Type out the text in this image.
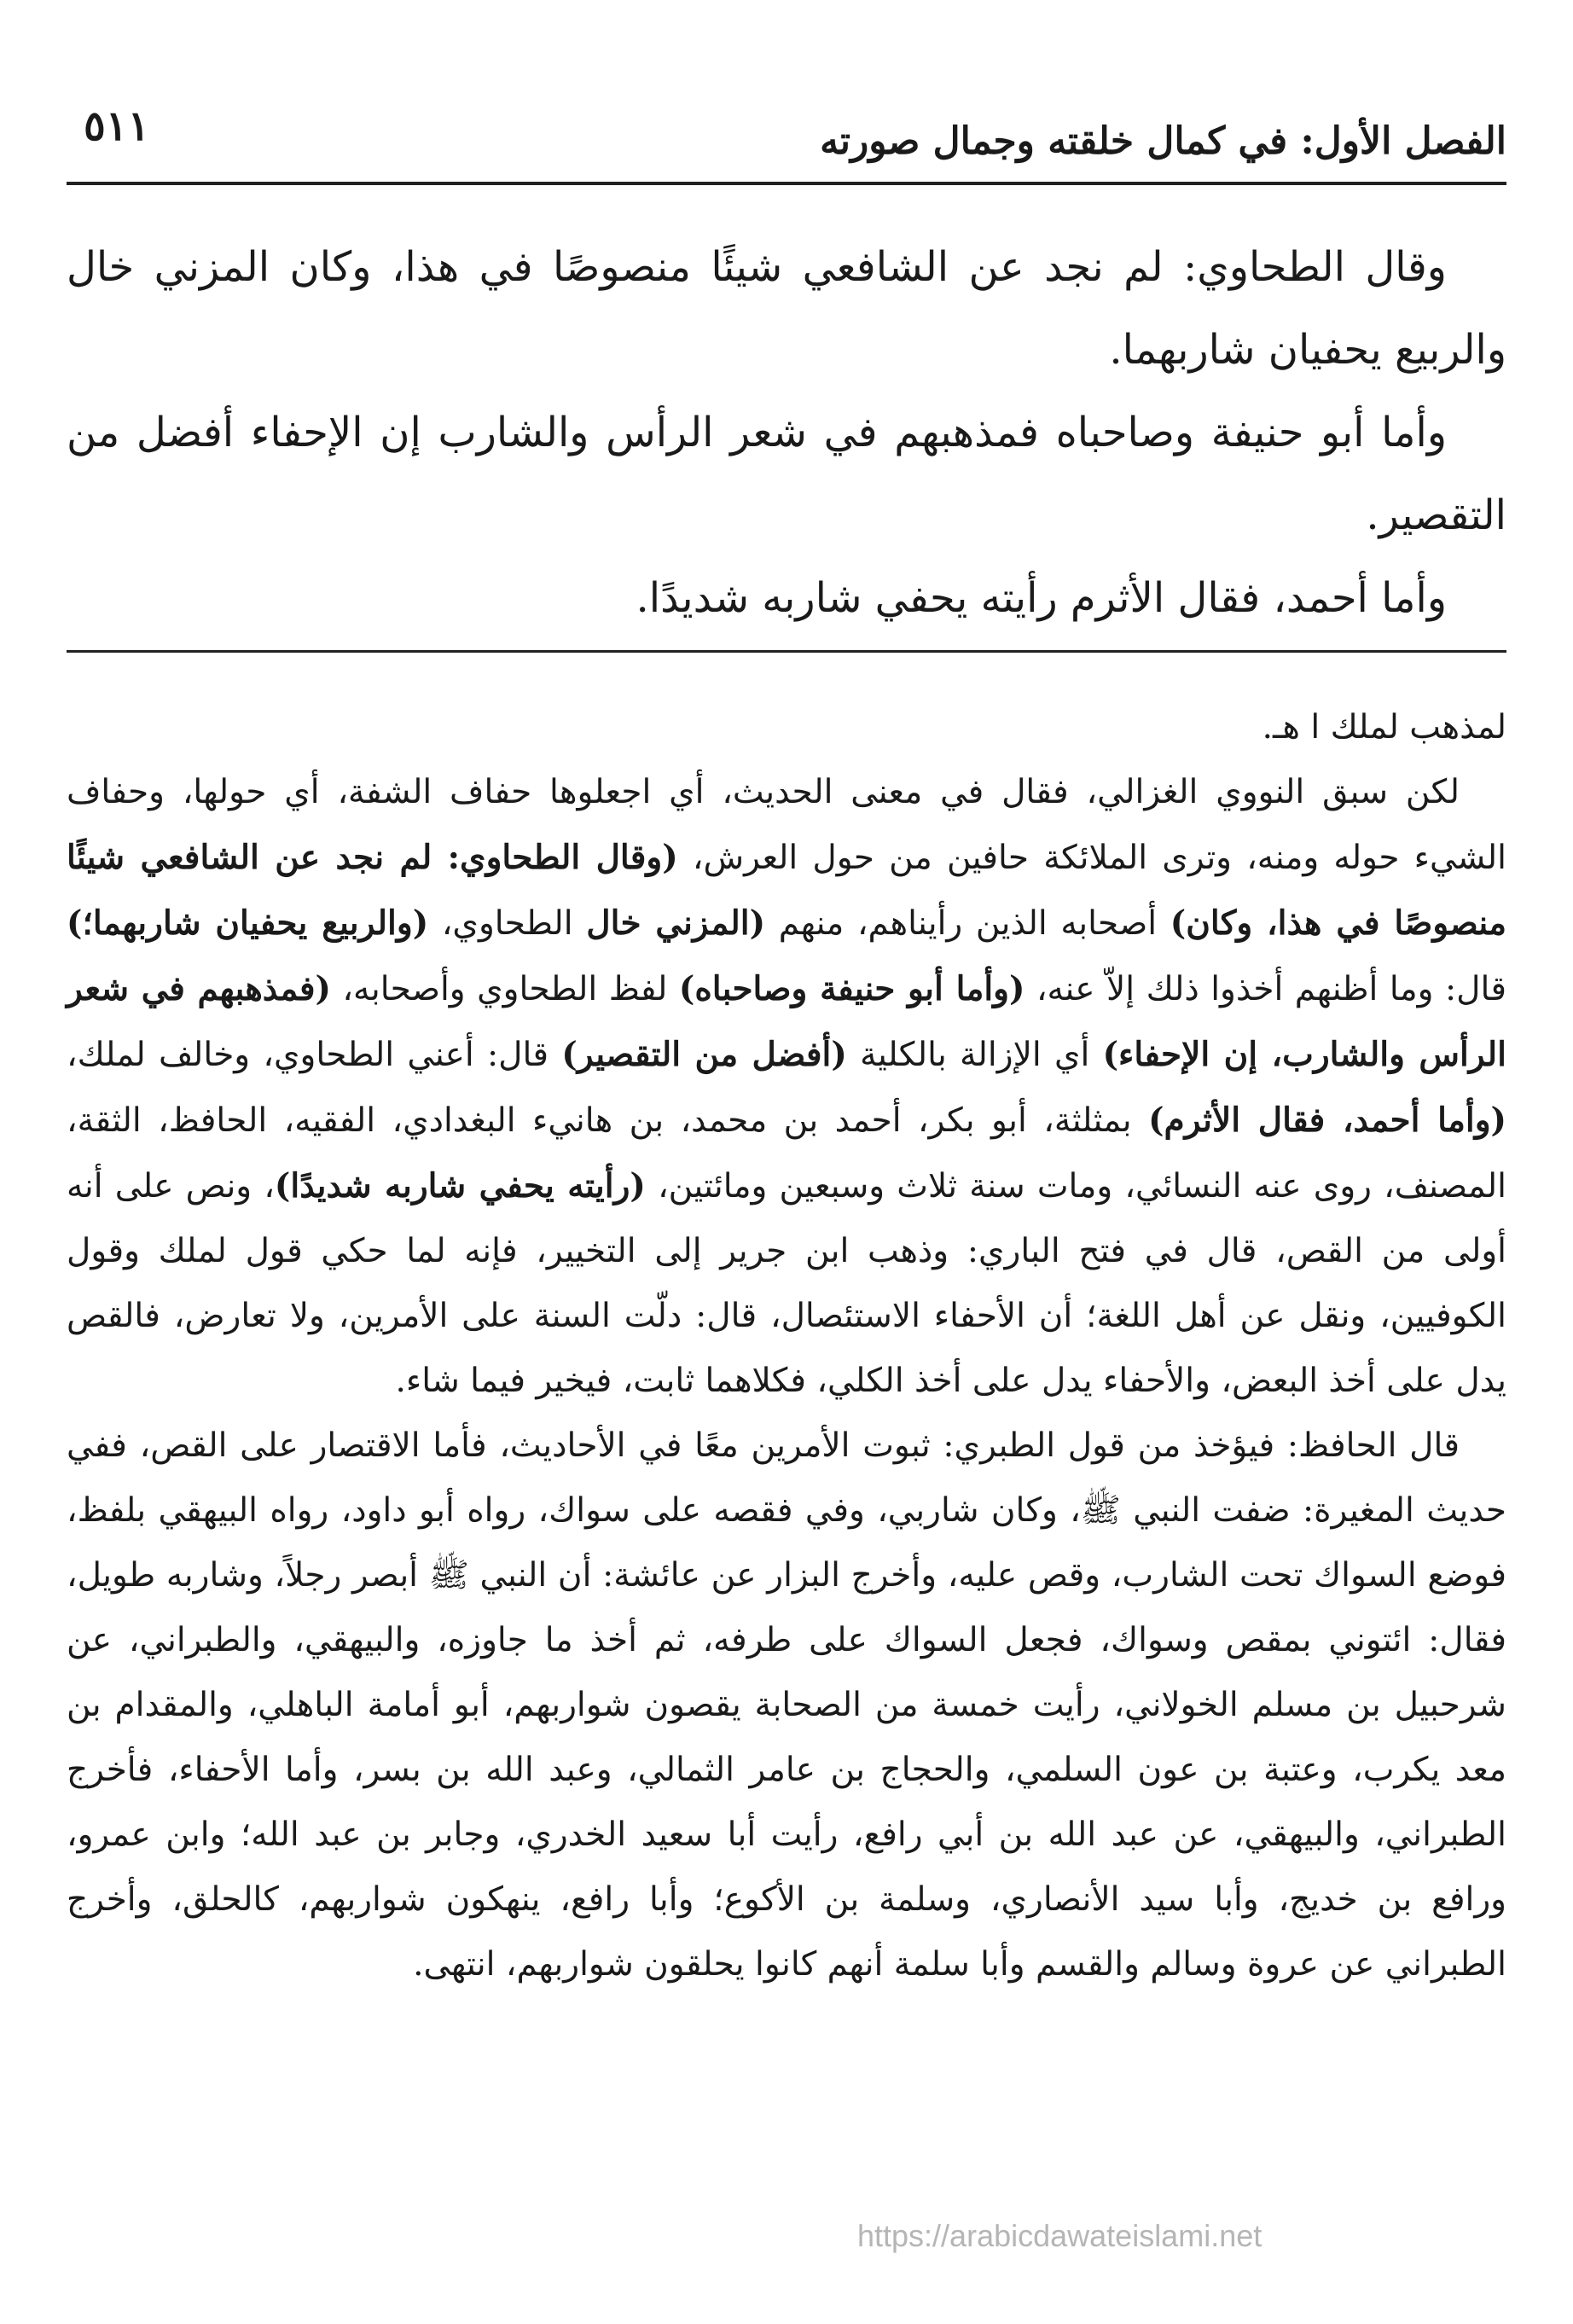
الفصل الأول: في كمال خلقته وجمال صورته
٥١١

وقال الطحاوي: لم نجد عن الشافعي شيئًا منصوصًا في هذا، وكان المزني خال والربيع يحفيان شاربهما.

وأما أبو حنيفة وصاحباه فمذهبهم في شعر الرأس والشارب إن الإحفاء أفضل من التقصير.

وأما أحمد، فقال الأثرم رأيته يحفي شاربه شديدًا.

لمذهب لملك ا هـ.

لكن سبق النووي الغزالي، فقال في معنى الحديث، أي اجعلوها حفاف الشفة، أي حولها، وحفاف الشيء حوله ومنه، وترى الملائكة حافين من حول العرش، (وقال الطحاوي: لم نجد عن الشافعي شيئًا منصوصًا في هذا، وكان) أصحابه الذين رأيناهم، منهم (المزني خال الطحاوي، (والربيع يحفيان شاربهما؛) قال: وما أظنهم أخذوا ذلك إلاّ عنه، (وأما أبو حنيفة وصاحباه) لفظ الطحاوي وأصحابه، (فمذهبهم في شعر الرأس والشارب، إن الإحفاء) أي الإزالة بالكلية (أفضل من التقصير) قال: أعني الطحاوي، وخالف لملك، (وأما أحمد، فقال الأثرم) بمثلثة، أبو بكر، أحمد بن محمد، بن هانيء البغدادي، الفقيه، الحافظ، الثقة، المصنف، روى عنه النسائي، ومات سنة ثلاث وسبعين ومائتين، (رأيته يحفي شاربه شديدًا)، ونص على أنه أولى من القص، قال في فتح الباري: وذهب ابن جرير إلى التخيير، فإنه لما حكي قول لملك وقول الكوفيين، ونقل عن أهل اللغة؛ أن الأحفاء الاستئصال، قال: دلّت السنة على الأمرين، ولا تعارض، فالقص يدل على أخذ البعض، والأحفاء يدل على أخذ الكلي، فكلاهما ثابت، فيخير فيما شاء.

قال الحافظ: فيؤخذ من قول الطبري: ثبوت الأمرين معًا في الأحاديث، فأما الاقتصار على القص، ففي حديث المغيرة: ضفت النبي ﷺ، وكان شاربي، وفي فقصه على سواك، رواه أبو داود، رواه البيهقي بلفظ، فوضع السواك تحت الشارب، وقص عليه، وأخرج البزار عن عائشة: أن النبي ﷺ أبصر رجلاً، وشاربه طويل، فقال: ائتوني بمقص وسواك، فجعل السواك على طرفه، ثم أخذ ما جاوزه، والبيهقي، والطبراني، عن شرحبيل بن مسلم الخولاني، رأيت خمسة من الصحابة يقصون شواربهم، أبو أمامة الباهلي، والمقدام بن معد يكرب، وعتبة بن عون السلمي، والحجاج بن عامر الثمالي، وعبد الله بن بسر، وأما الأحفاء، فأخرج الطبراني، والبيهقي، عن عبد الله بن أبي رافع، رأيت أبا سعيد الخدري، وجابر بن عبد الله؛ وابن عمرو، ورافع بن خديج، وأبا سيد الأنصاري، وسلمة بن الأكوع؛ وأبا رافع، ينهكون شواربهم، كالحلق، وأخرج الطبراني عن عروة وسالم والقسم وأبا سلمة أنهم كانوا يحلقون شواربهم، انتهى.

https://arabicdawateislami.net
